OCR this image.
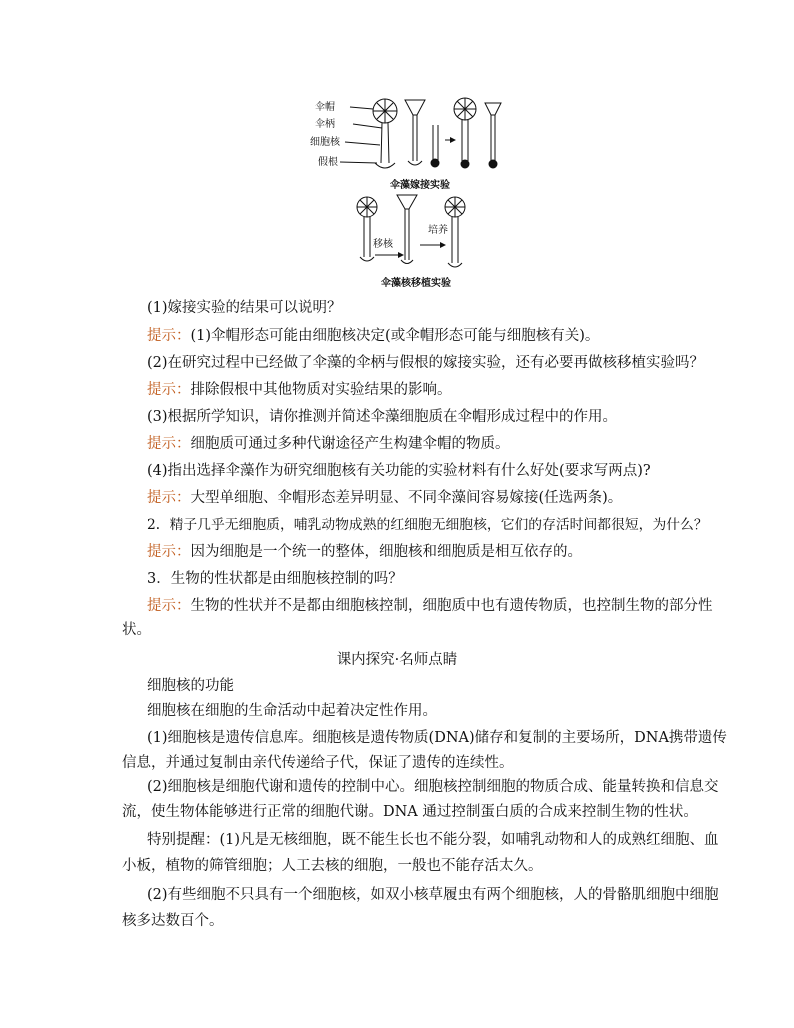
伞帽
伞柄
细胞核
假根
伞藻嫁接实验
移核
培养
伞藻核移植实验
(1)嫁接实验的结果可以说明？
提示：(1)伞帽形态可能由细胞核决定(或伞帽形态可能与细胞核有关)。
(2)在研究过程中已经做了伞藻的伞柄与假根的嫁接实验，还有必要再做核移植实验吗？
提示：排除假根中其他物质对实验结果的影响。
(3)根据所学知识，请你推测并简述伞藻细胞质在伞帽形成过程中的作用。
提示：细胞质可通过多种代谢途径产生构建伞帽的物质。
(4)指出选择伞藻作为研究细胞核有关功能的实验材料有什么好处(要求写两点)?
提示：大型单细胞、伞帽形态差异明显、不同伞藻间容易嫁接(任选两条)。
2．精子几乎无细胞质，哺乳动物成熟的红细胞无细胞核，它们的存活时间都很短，为什么？
提示：因为细胞是一个统一的整体，细胞核和细胞质是相互依存的。
3．生物的性状都是由细胞核控制的吗？
提示：生物的性状并不是都由细胞核控制，细胞质中也有遗传物质，也控制生物的部分性
状。
课内探究·名师点睛
细胞核的功能
细胞核在细胞的生命活动中起着决定性作用。
(1)细胞核是遗传信息库。细胞核是遗传物质(DNA)储存和复制的主要场所，DNA携带遗传
信息，并通过复制由亲代传递给子代，保证了遗传的连续性。
(2)细胞核是细胞代谢和遗传的控制中心。细胞核控制细胞的物质合成、能量转换和信息交
流，使生物体能够进行正常的细胞代谢。DNA 通过控制蛋白质的合成来控制生物的性状。
特别提醒：(1)凡是无核细胞，既不能生长也不能分裂，如哺乳动物和人的成熟红细胞、血
小板，植物的筛管细胞；人工去核的细胞，一般也不能存活太久。
(2)有些细胞不只具有一个细胞核，如双小核草履虫有两个细胞核，人的骨骼肌细胞中细胞
核多达数百个。
